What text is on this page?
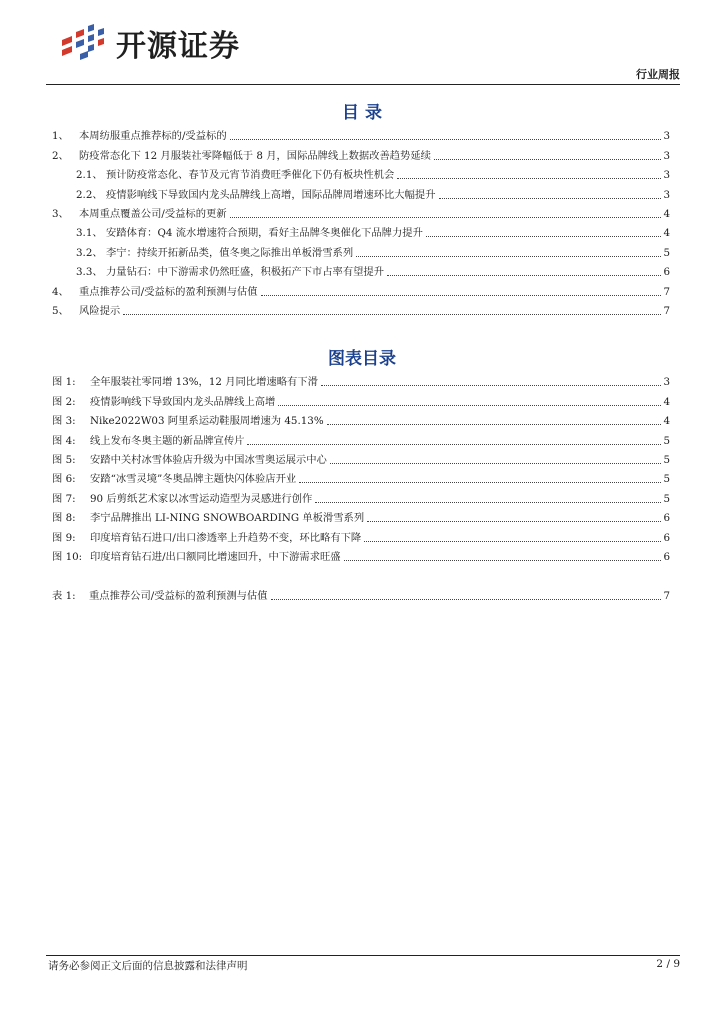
开源证券
行业周报
目 录
1、 本周纺服重点推荐标的/受益标的	3
2、 防疫常态化下 12 月服装社零降幅低于 8 月，国际品牌线上数据改善趋势延续	3
2.1、 预计防疫常态化、春节及元宵节消费旺季催化下仍有板块性机会	3
2.2、 疫情影响线下导致国内龙头品牌线上高增，国际品牌周增速环比大幅提升	3
3、 本周重点覆盖公司/受益标的更新	4
3.1、 安踏体育：Q4 流水增速符合预期，看好主品牌冬奥催化下品牌力提升	4
3.2、 李宁：持续开拓新品类，值冬奥之际推出单板滑雪系列	5
3.3、 力量钻石：中下游需求仍然旺盛，积极拓产下市占率有望提升	6
4、 重点推荐公司/受益标的盈利预测与估值	7
5、 风险提示	7
图表目录
图 1:	全年服装社零同增 13%，12 月同比增速略有下滑	3
图 2:	疫情影响线下导致国内龙头品牌线上高增	4
图 3:	Nike2022W03 阿里系运动鞋服周增速为 45.13%	4
图 4:	线上发布冬奥主题的新品牌宣传片	5
图 5:	安踏中关村冰雪体验店升级为中国冰雪奥运展示中心	5
图 6:	安踏“冰雪灵境”冬奥品牌主题快闪体验店开业	5
图 7:	90 后剪纸艺术家以冰雪运动造型为灵感进行创作	5
图 8:	李宁品牌推出 LI-NING SNOWBOARDING 单板滑雪系列	6
图 9:	印度培育钻石进口/出口渗透率上升趋势不变，环比略有下降	6
图 10: 印度培育钻石进/出口额同比增速回升，中下游需求旺盛	6
表 1:	重点推荐公司/受益标的盈利预测与估值	7
请务必参阅正文后面的信息披露和法律声明	2 / 9
